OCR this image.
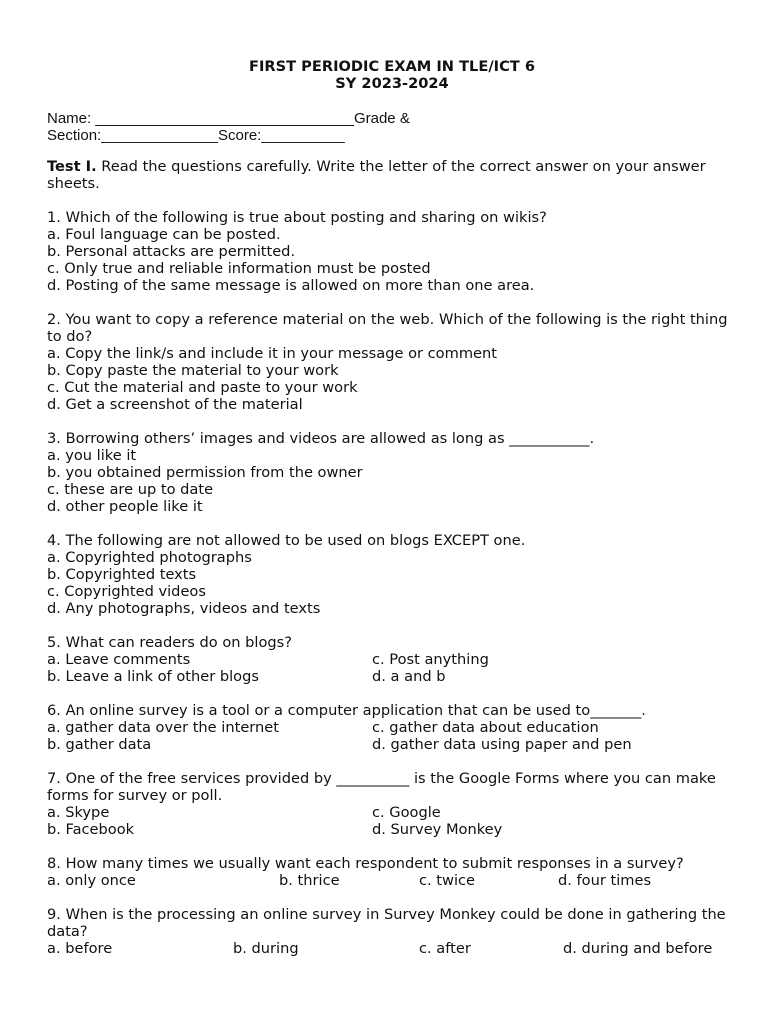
FIRST PERIODIC EXAM IN TLE/ICT 6
SY 2023-2024
Name: _______________________________Grade &
Section:______________Score:__________
Test I. Read the questions carefully. Write the letter of the correct answer on your answer sheets.
1. Which of the following is true about posting and sharing on wikis?
a. Foul language can be posted.
b. Personal attacks are permitted.
c. Only true and reliable information must be posted
d. Posting of the same message is allowed on more than one area.
2. You want to copy a reference material on the web. Which of the following is the right thing to do?
a. Copy the link/s and include it in your message or comment
b. Copy paste the material to your work
c. Cut the material and paste to your work
d. Get a screenshot of the material
3. Borrowing others’ images and videos are allowed as long as ___________.
a. you like it
b. you obtained permission from the owner
c. these are up to date
d. other people like it
4. The following are not allowed to be used on blogs EXCEPT one.
a. Copyrighted photographs
b. Copyrighted texts
c. Copyrighted videos
d. Any photographs, videos and texts
5. What can readers do on blogs?
a. Leave comments	c. Post anything
b. Leave a link of other blogs	d. a and b
6. An online survey is a tool or a computer application that can be used to_______.
a. gather data over the internet	c. gather data about education
b. gather data	d. gather data using paper and pen
7. One of the free services provided by __________ is the Google Forms where you can make forms for survey or poll.
a. Skype	c. Google
b. Facebook	d. Survey Monkey
8. How many times we usually want each respondent to submit responses in a survey?
a. only once	b. thrice	c. twice	d. four times
9. When is the processing an online survey in Survey Monkey could be done in gathering the data?
a. before	b. during	c. after	d. during and before
